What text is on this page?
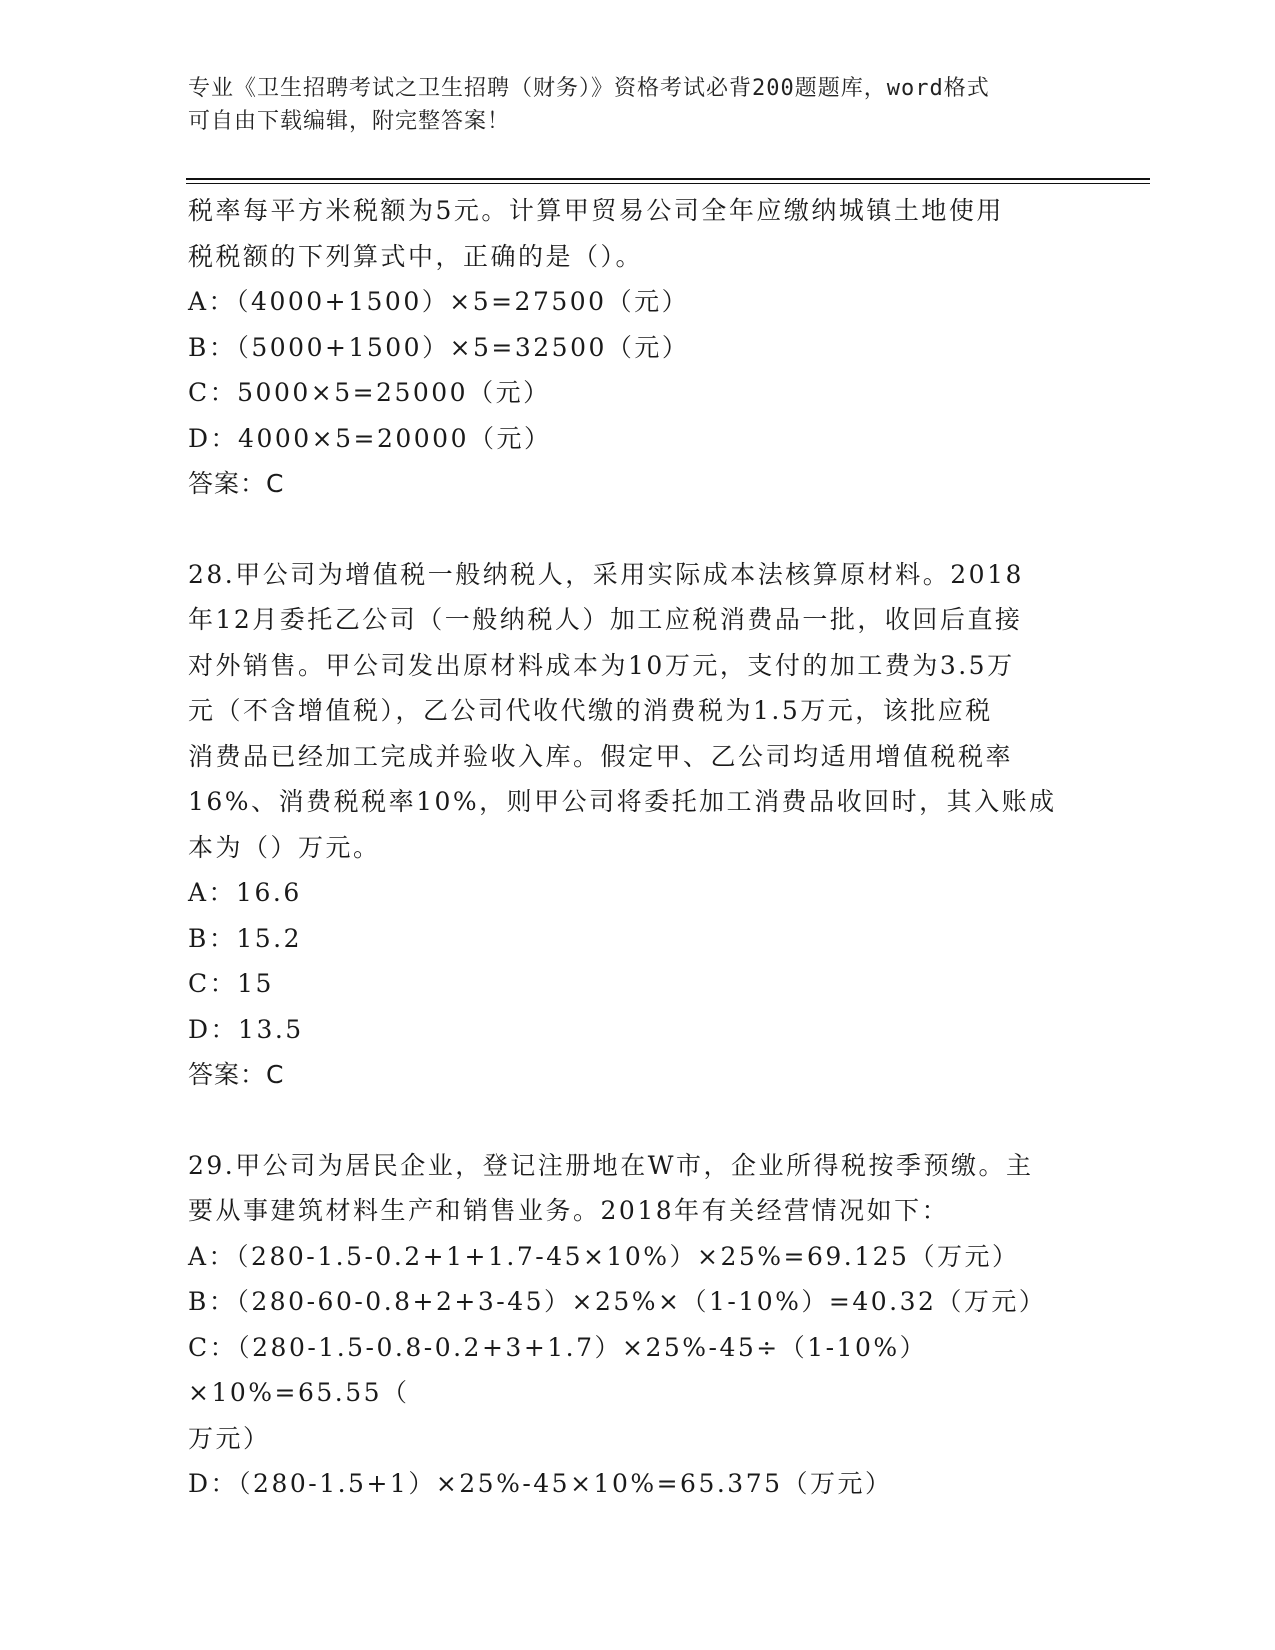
专业《卫生招聘考试之卫生招聘（财务）》资格考试必背200题题库，word格式
可自由下载编辑，附完整答案！

税率每平方米税额为5元。计算甲贸易公司全年应缴纳城镇土地使用

税税额的下列算式中，正确的是（）。

A：（4000+1500）×5=27500（元）

B：（5000+1500）×5=32500（元）

C：5000×5=25000（元）

D：4000×5=20000（元）

答案：C

28.甲公司为增值税一般纳税人，采用实际成本法核算原材料。2018

年12月委托乙公司（一般纳税人）加工应税消费品一批，收回后直接

对外销售。甲公司发出原材料成本为10万元，支付的加工费为3.5万

元（不含增值税），乙公司代收代缴的消费税为1.5万元，该批应税

消费品已经加工完成并验收入库。假定甲、乙公司均适用增值税税率

16%、消费税税率10%，则甲公司将委托加工消费品收回时，其入账成

本为（）万元。

A：16.6

B：15.2

C：15

D：13.5

答案：C

29.甲公司为居民企业，登记注册地在W市，企业所得税按季预缴。主

要从事建筑材料生产和销售业务。2018年有关经营情况如下：

A：（280-1.5-0.2+1+1.7-45×10%）×25%=69.125（万元）

B：（280-60-0.8+2+3-45）×25%×（1-10%）=40.32（万元）

C：（280-1.5-0.8-0.2+3+1.7）×25%-45÷（1-10%）×10%=65.55（

万元）

D：（280-1.5+1）×25%-45×10%=65.375（万元）
